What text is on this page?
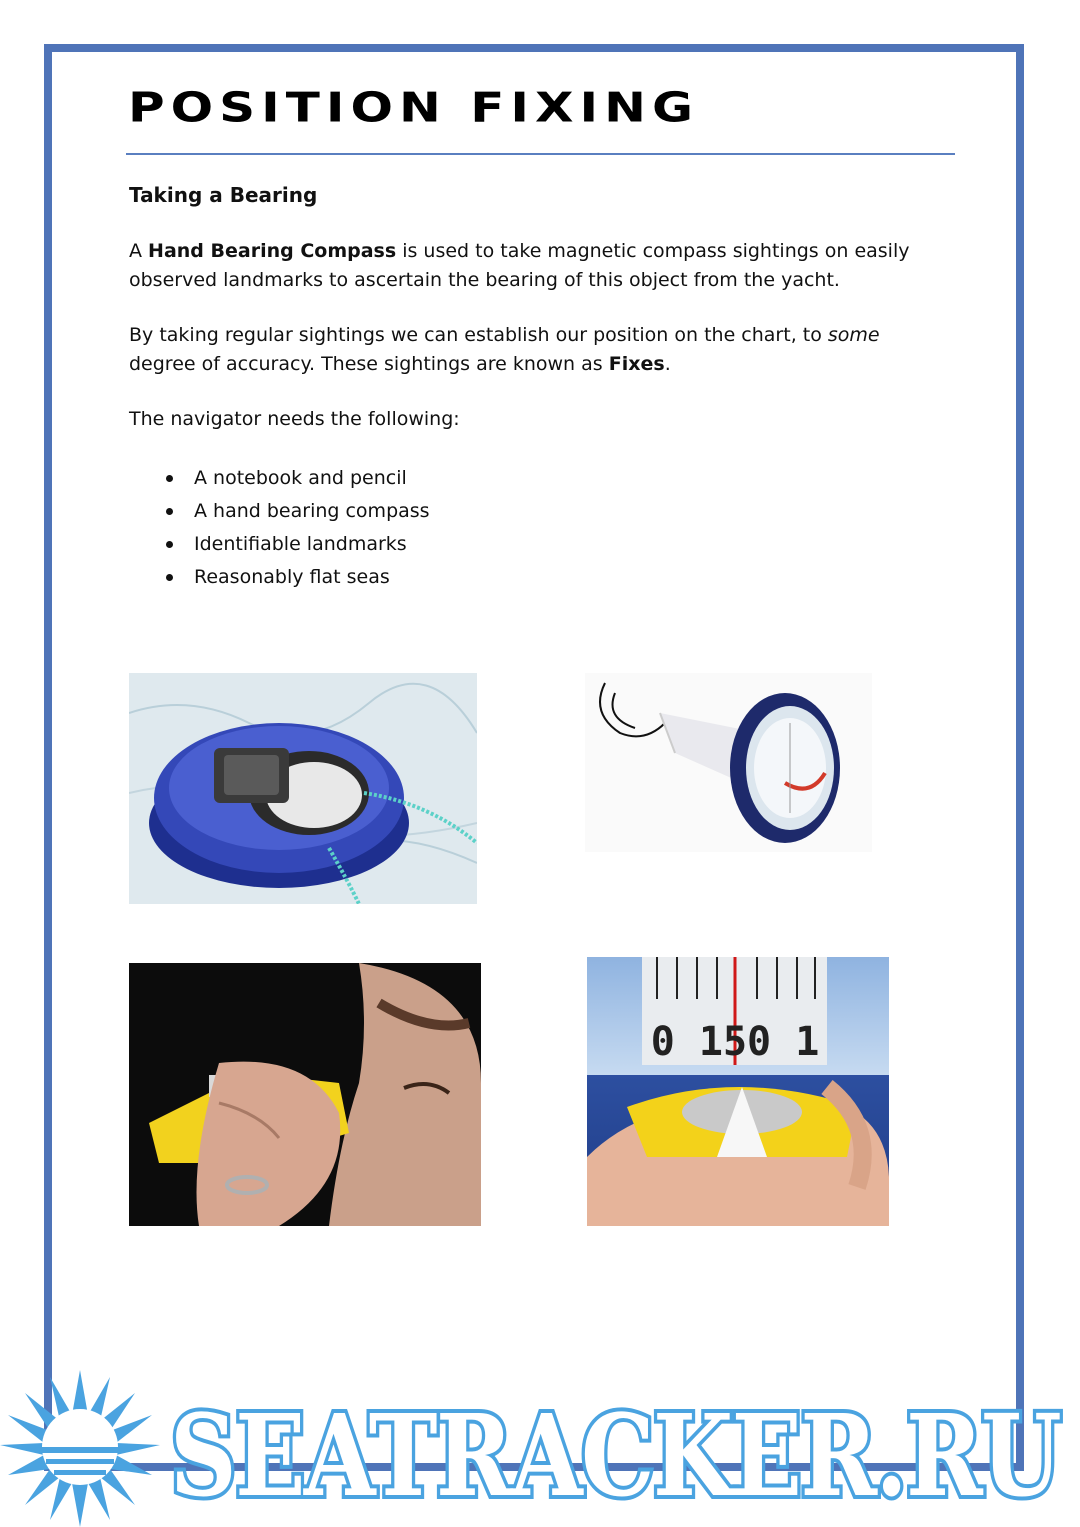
POSITION FIXING
Taking a Bearing

A Hand Bearing Compass is used to take magnetic compass sightings on easily observed landmarks to ascertain the bearing of this object from the yacht.

By taking regular sightings we can establish our position on the chart, to some degree of accuracy. These sightings are known as Fixes.

The navigator needs the following:

A notebook and pencil
A hand bearing compass
Identifiable landmarks
Reasonably flat seas
0 150 1
SEATRACKER.RU
